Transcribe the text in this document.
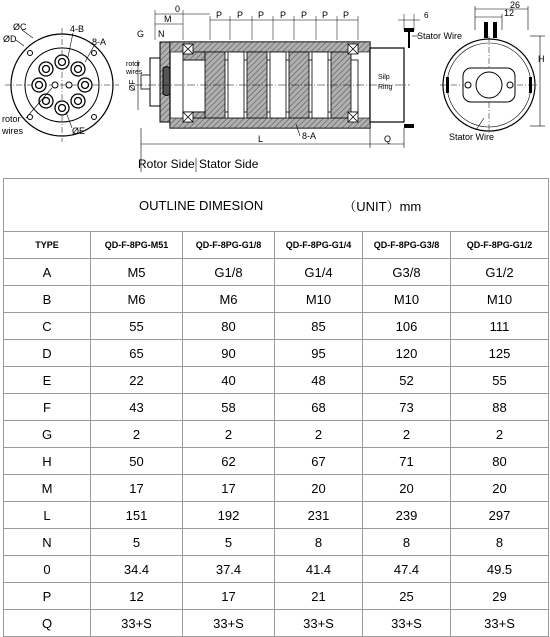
ØC
ØD
4-B
8-A
rotor
wires	ØE
0
M	P P P P P P P	6
G N
Silp
Ring
Stator Wire
rotor
wires
ØF
8-A
L	Q
26
12
H
Stator Wire
Rotor Side Stator Side
OUTLINE DIMESION （UNIT）mm					

TYPE	QD-F-8PG-M51	QD-F-8PG-G1/8	QD-F-8PG-G1/4	QD-F-8PG-G3/8	QD-F-8PG-G1/2
A	M5	G1/8	G1/4	G3/8	G1/2
B	M6	M6	M10	M10	M10
C	55	80	85	106	111
D	65	90	95	120	125
E	22	40	48	52	55
F	43	58	68	73	88
G	2	2	2	2	2
H	50	62	67	71	80
M	17	17	20	20	20
L	151	192	231	239	297
N	5	5	8	8	8
0	34.4	37.4	41.4	47.4	49.5
P	12	17	21	25	29
Q	33+S	33+S	33+S	33+S	33+S
